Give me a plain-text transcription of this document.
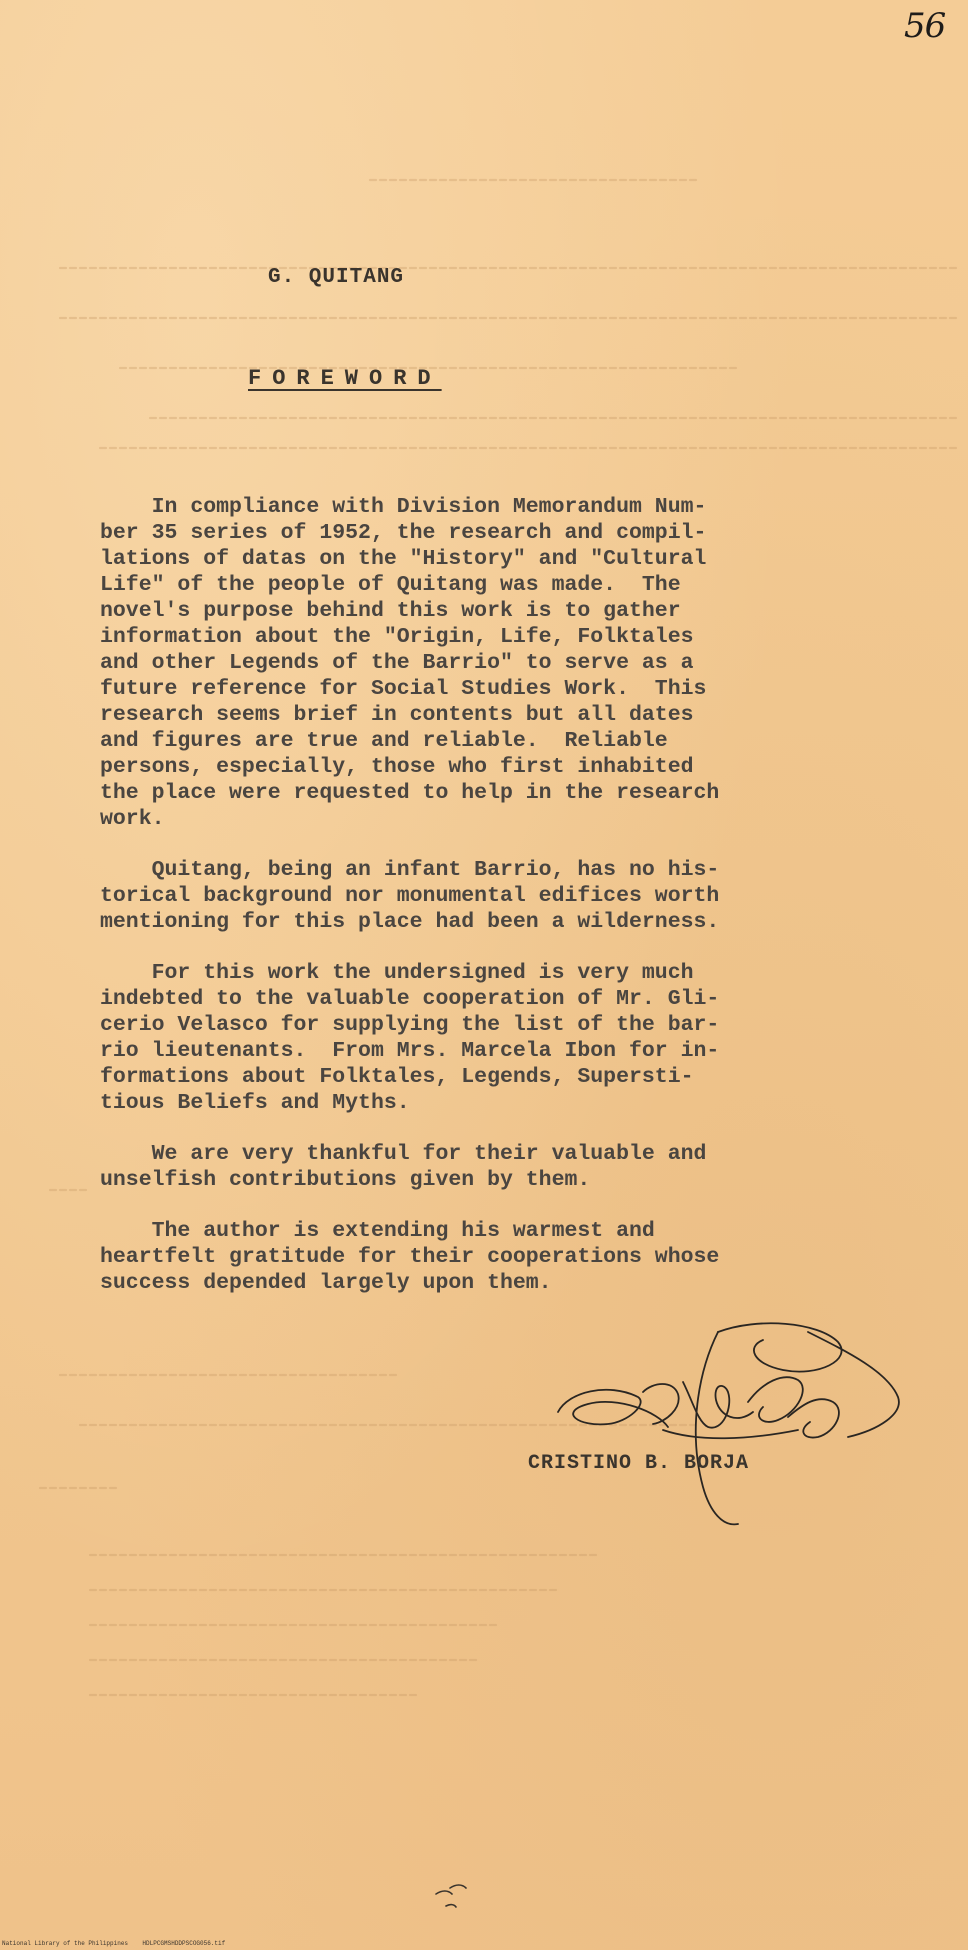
56
G. QUITANG
FOREWORD

In compliance with Division Memorandum Num-
ber 35 series of 1952, the research and compil-
lations of datas on the "History" and "Cultural
Life" of the people of Quitang was made.  The
novel's purpose behind this work is to gather
information about the "Origin, Life, Folktales
and other Legends of the Barrio" to serve as a
future reference for Social Studies Work.  This
research seems brief in contents but all dates
and figures are true and reliable.  Reliable
persons, especially, those who first inhabited
the place were requested to help in the research
work.

Quitang, being an infant Barrio, has no his-
torical background nor monumental edifices worth
mentioning for this place had been a wilderness.

For this work the undersigned is very much
indebted to the valuable cooperation of Mr. Gli-
cerio Velasco for supplying the list of the bar-
rio lieutenants.  From Mrs. Marcela Ibon for in-
formations about Folktales, Legends, Supersti-
tious Beliefs and Myths.

We are very thankful for their valuable and
unselfish contributions given by them.

The author is extending his warmest and
heartfelt gratitude for their cooperations whose
success depended largely upon them.

CRISTINO B. BORJA
National Library of the Philippines    HDLPCGMSHDDPSCOG056.tif
